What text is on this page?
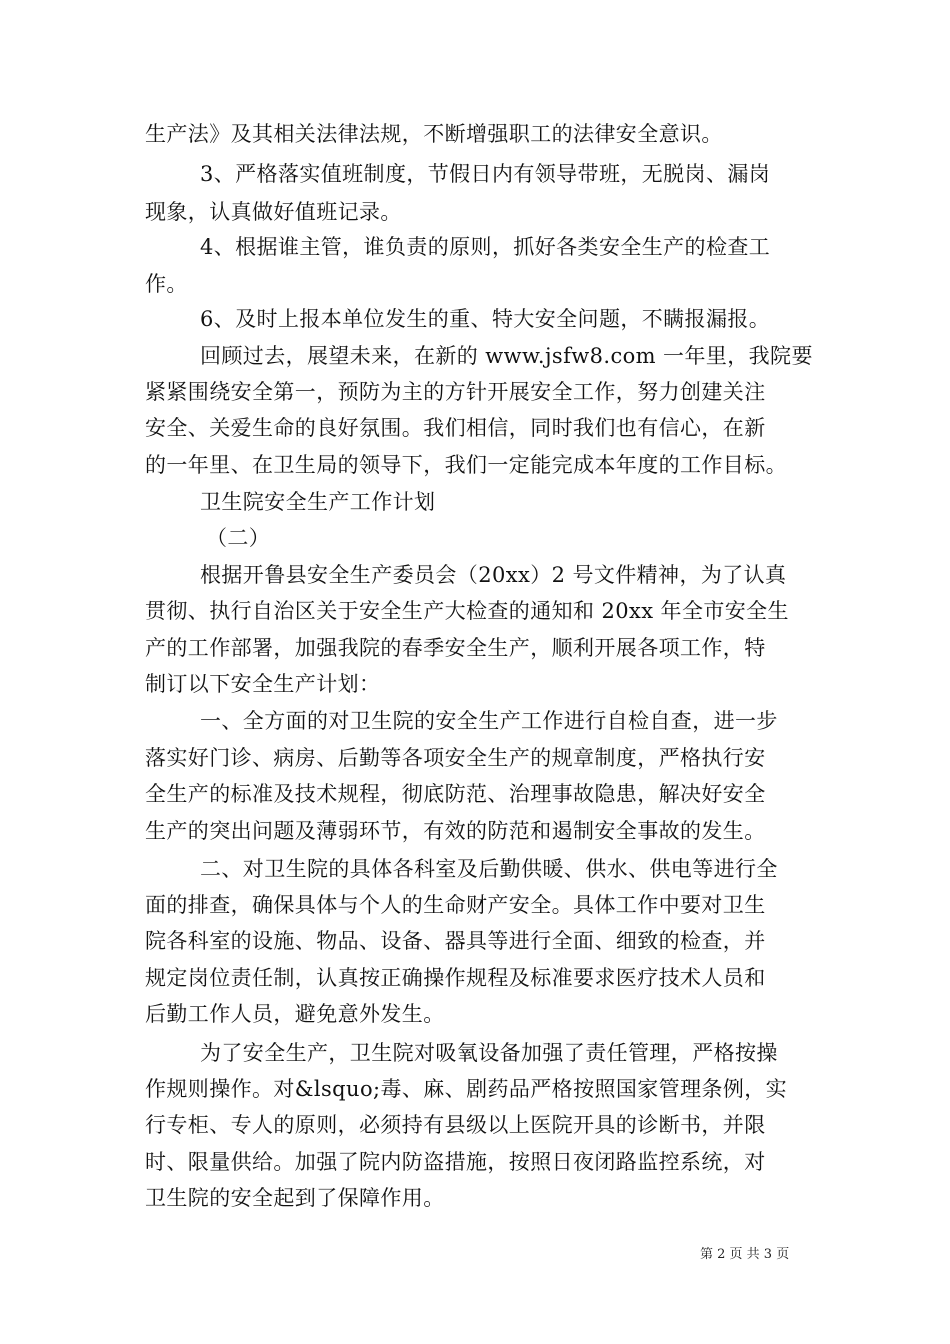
生产法》及其相关法律法规，不断增强职工的法律安全意识。
3、严格落实值班制度，节假日内有领导带班，无脱岗、漏岗
现象，认真做好值班记录。
4、根据谁主管，谁负责的原则，抓好各类安全生产的检查工
作。
6、及时上报本单位发生的重、特大安全问题，不瞒报漏报。
回顾过去，展望未来，在新的 www.jsfw8.com 一年里，我院要
紧紧围绕安全第一，预防为主的方针开展安全工作，努力创建关注
安全、关爱生命的良好氛围。我们相信，同时我们也有信心，在新
的一年里、在卫生局的领导下，我们一定能完成本年度的工作目标。
卫生院安全生产工作计划
（二）
根据开鲁县安全生产委员会（20xx）2 号文件精神，为了认真
贯彻、执行自治区关于安全生产大检查的通知和 20xx 年全市安全生
产的工作部署，加强我院的春季安全生产，顺利开展各项工作，特
制订以下安全生产计划：
一、全方面的对卫生院的安全生产工作进行自检自查，进一步
落实好门诊、病房、后勤等各项安全生产的规章制度，严格执行安
全生产的标准及技术规程，彻底防范、治理事故隐患，解决好安全
生产的突出问题及薄弱环节，有效的防范和遏制安全事故的发生。
二、对卫生院的具体各科室及后勤供暖、供水、供电等进行全
面的排查，确保具体与个人的生命财产安全。具体工作中要对卫生
院各科室的设施、物品、设备、器具等进行全面、细致的检查，并
规定岗位责任制，认真按正确操作规程及标准要求医疗技术人员和
后勤工作人员，避免意外发生。
为了安全生产，卫生院对吸氧设备加强了责任管理，严格按操
作规则操作。对&lsquo;毒、麻、剧药品严格按照国家管理条例，实
行专柜、专人的原则，必须持有县级以上医院开具的诊断书，并限
时、限量供给。加强了院内防盗措施，按照日夜闭路监控系统，对
卫生院的安全起到了保障作用。
第 2 页 共 3 页
